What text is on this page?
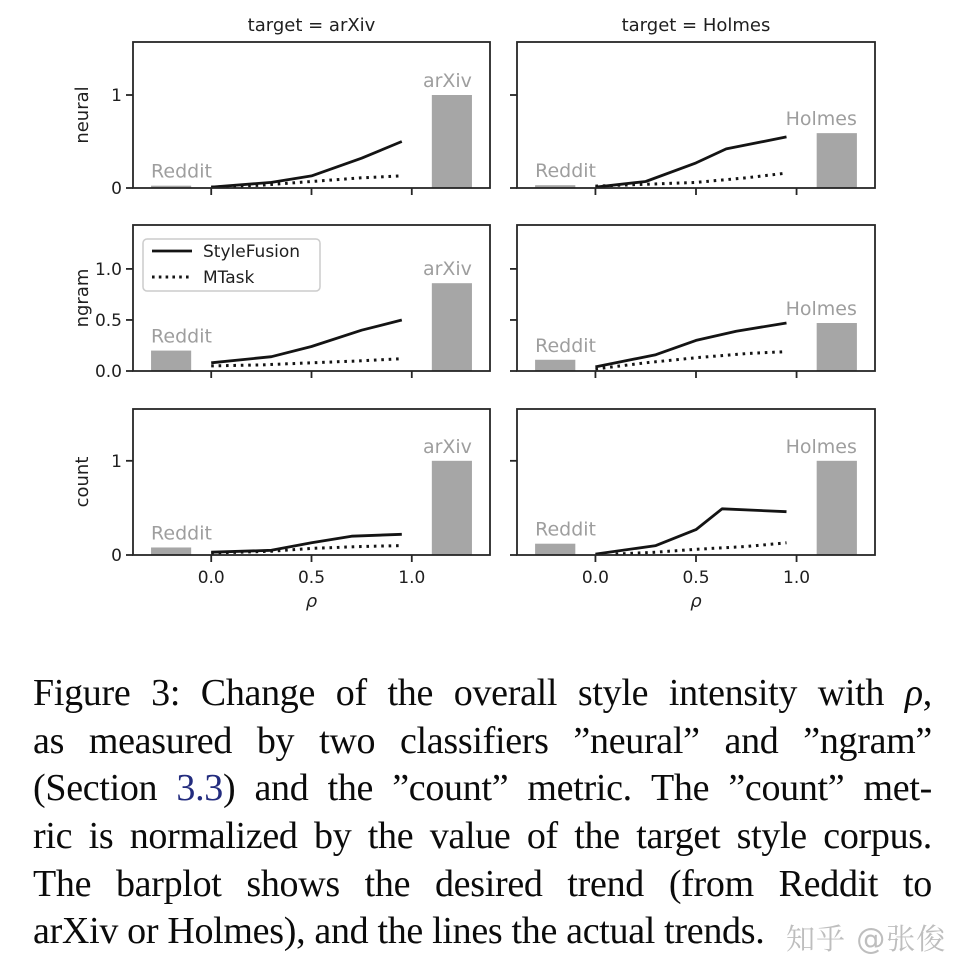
Reddit
arXiv
0
1
neural
target = arXiv
Reddit
Holmes
target = Holmes
Reddit
arXiv
0.0
0.5
1.0
ngram
StyleFusion
MTask
Reddit
Holmes
Reddit
arXiv
0.0	0.5	1.0
0
1
count
ρ
Reddit
Holmes
0.0	0.5	1.0
ρ
Figure 3: Change of the overall style intensity with ρ,
as measured by two classifiers ”neural” and ”ngram”
(Section 3.3) and the ”count” metric. The ”count” met-
ric is normalized by the value of the target style corpus.
The barplot shows the desired trend (from Reddit to
arXiv or Holmes), and the lines the actual trends. 知乎 @张俊
